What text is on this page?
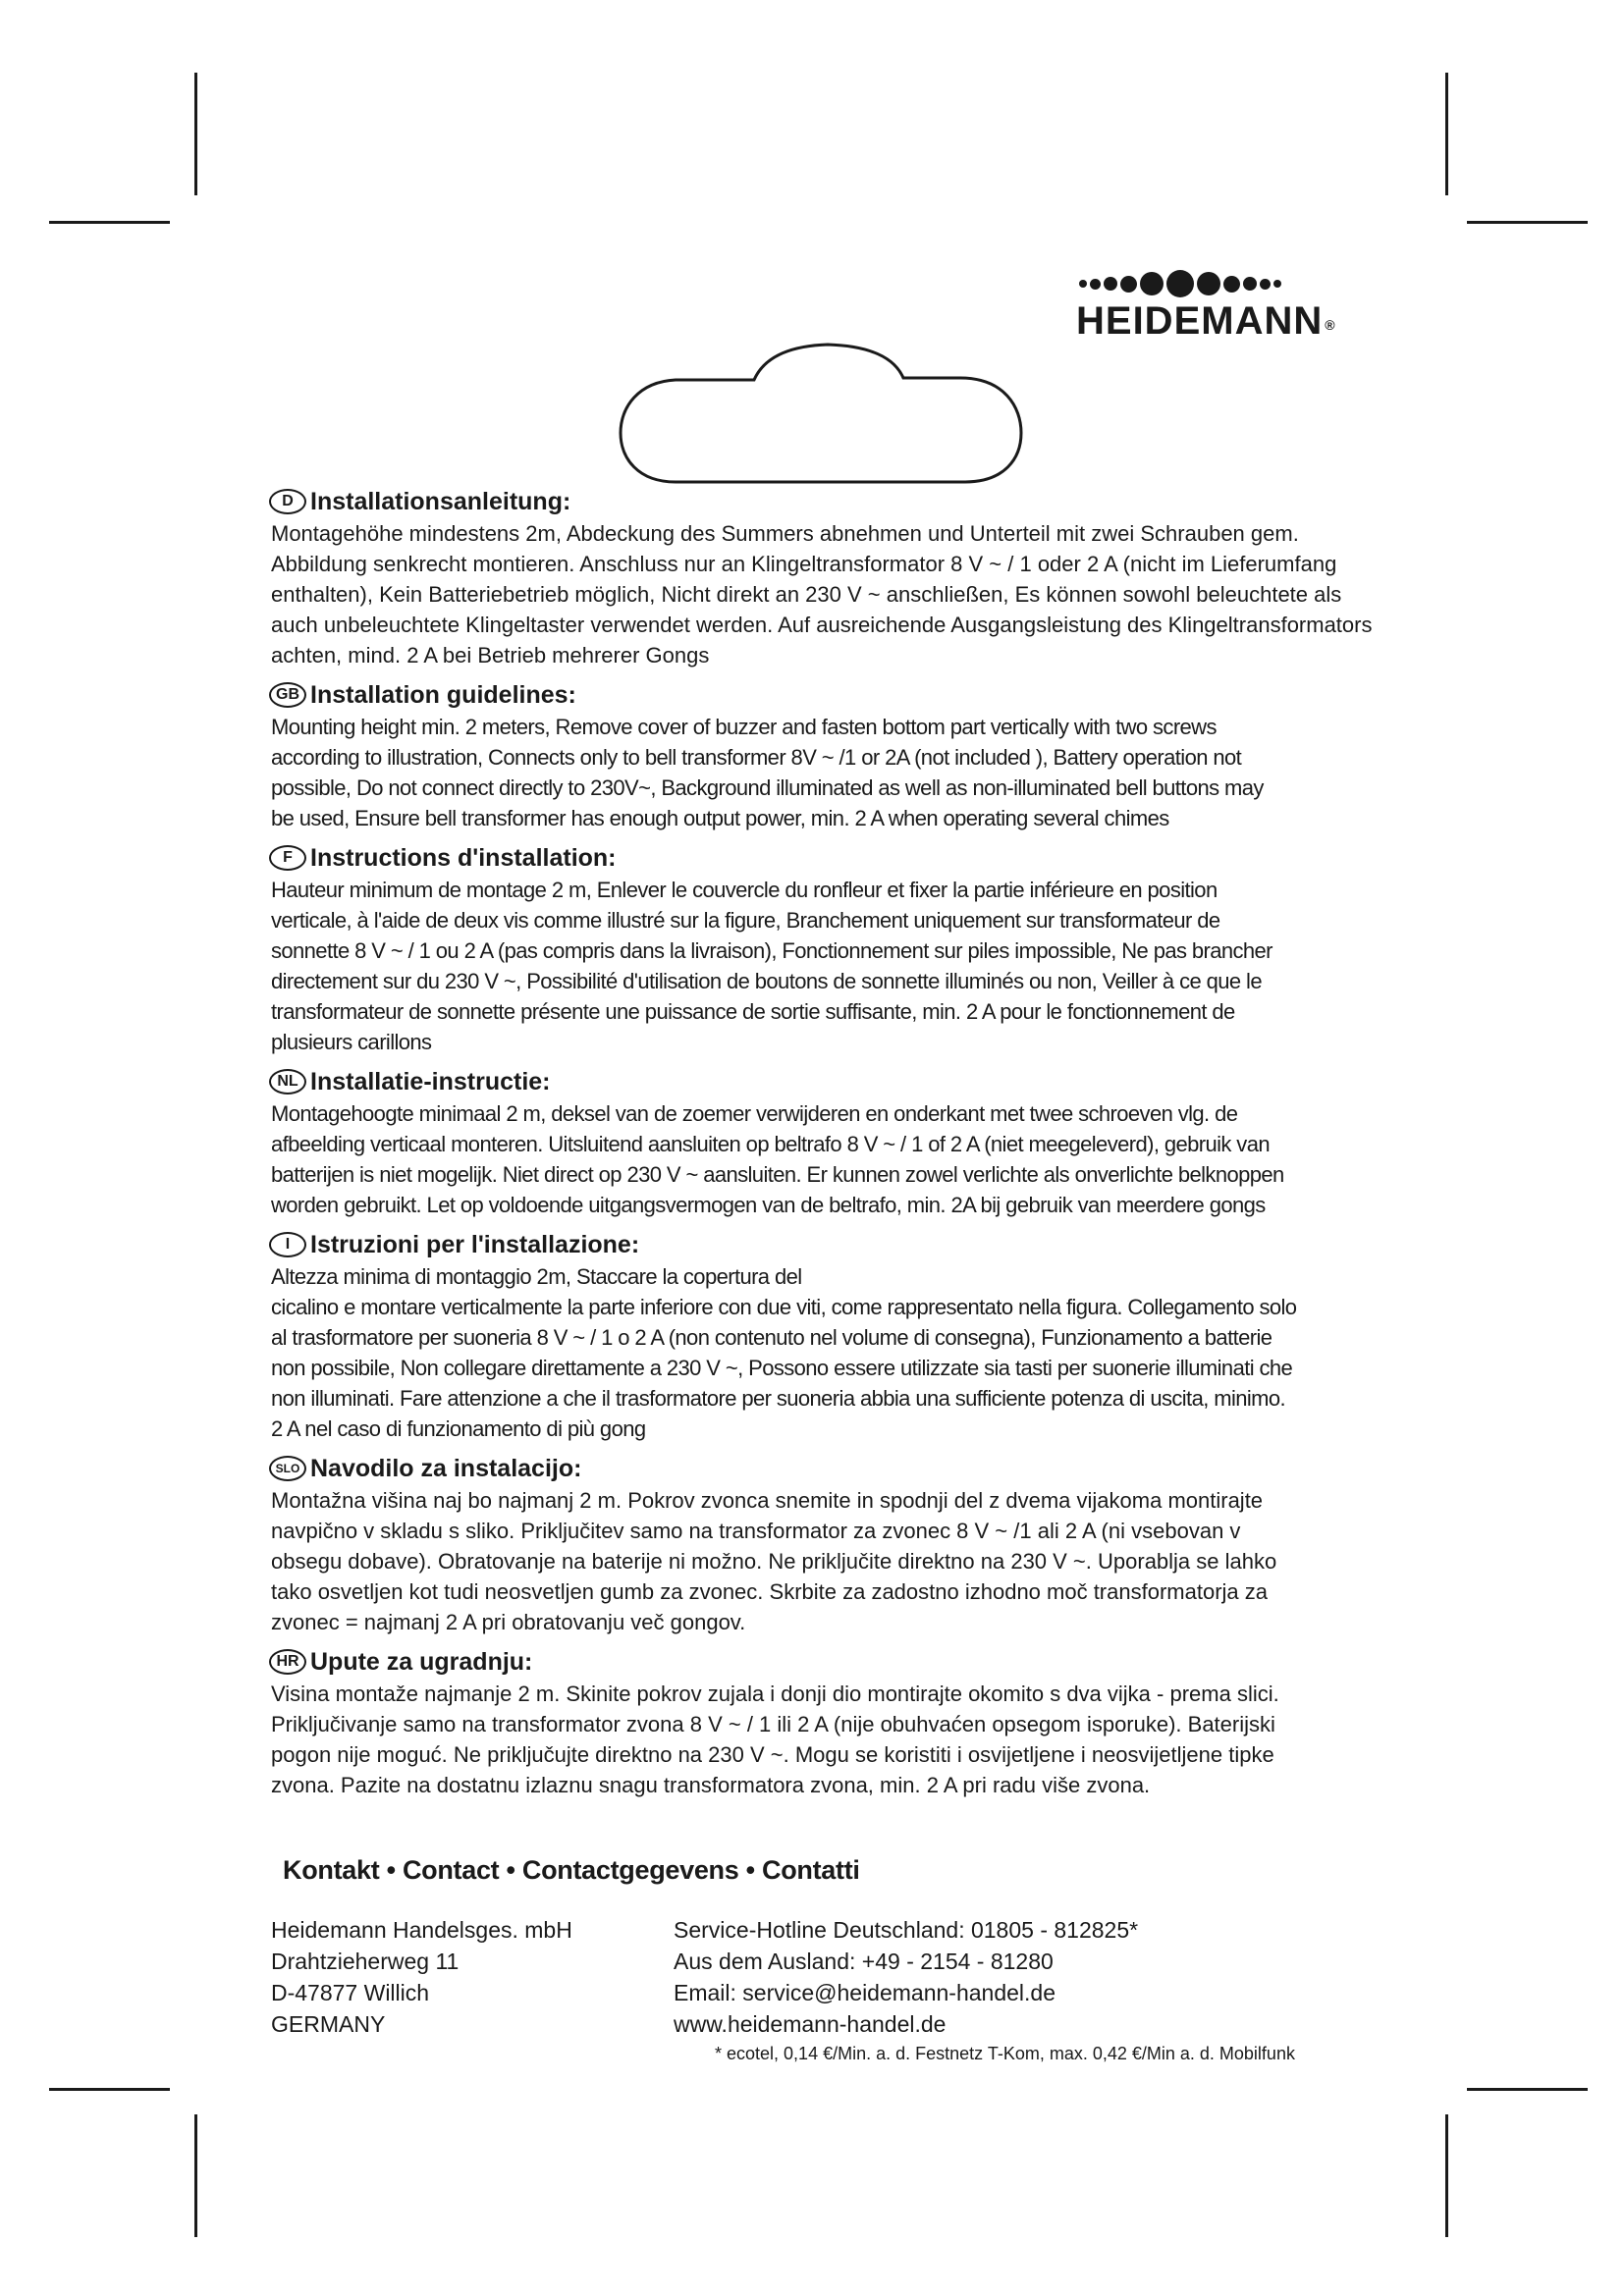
HEIDEMANN ®
D Installationsanleitung:

Montagehöhe mindestens 2m, Abdeckung des Summers abnehmen und Unterteil mit zwei Schrauben gem.
Abbildung senkrecht montieren. Anschluss nur an Klingeltransformator 8 V ~ / 1 oder 2 A (nicht im Lieferumfang
enthalten), Kein Batteriebetrieb möglich, Nicht direkt an 230 V ~ anschließen, Es können sowohl beleuchtete als
auch unbeleuchtete Klingeltaster verwendet werden. Auf ausreichende Ausgangsleistung des Klingeltransformators
achten, mind. 2 A bei Betrieb mehrerer Gongs

GB Installation guidelines:

Mounting height min. 2 meters, Remove cover of buzzer and fasten bottom part vertically with two screws
according to illustration, Connects only to bell transformer 8V ~ /1 or 2A (not included ), Battery operation not
possible, Do not connect directly to 230V~, Background illuminated as well as non-illuminated bell buttons may
be used, Ensure bell transformer has enough output power, min. 2 A when operating several chimes

F Instructions d'installation:

Hauteur minimum de montage 2 m, Enlever le couvercle du ronfleur et fixer la partie inférieure en position
verticale, à l'aide de deux vis comme illustré sur la figure, Branchement uniquement sur transformateur de
sonnette 8 V ~ / 1 ou 2 A (pas compris dans la livraison), Fonctionnement sur piles impossible, Ne pas brancher
directement sur du 230 V ~, Possibilité d'utilisation de boutons de sonnette illuminés ou non, Veiller à ce que le
transformateur de sonnette présente une puissance de sortie suffisante, min. 2 A pour le fonctionnement de
plusieurs carillons

NL Installatie-instructie:

Montagehoogte minimaal 2 m, deksel van de zoemer verwijderen en onderkant met twee schroeven vlg. de
afbeelding verticaal monteren. Uitsluitend aansluiten op beltrafo 8 V ~ / 1 of 2 A (niet meegeleverd), gebruik van
batterijen is niet mogelijk. Niet direct op 230 V ~ aansluiten. Er kunnen zowel verlichte als onverlichte belknoppen
worden gebruikt. Let op voldoende uitgangsvermogen van de beltrafo, min. 2A bij gebruik van meerdere gongs

I Istruzioni per l'installazione:

Altezza minima di montaggio 2m, Staccare la copertura del
cicalino e montare verticalmente la parte inferiore con due viti, come rappresentato nella figura. Collegamento solo
al trasformatore per suoneria 8 V ~ / 1 o 2 A (non contenuto nel volume di consegna), Funzionamento a batterie
non possibile, Non collegare direttamente a 230 V ~, Possono essere utilizzate sia tasti per suonerie illuminati che
non illuminati. Fare attenzione a che il trasformatore per suoneria abbia una sufficiente potenza di uscita, minimo.
2 A nel caso di funzionamento di più gong

SLO Navodilo za instalacijo:

Montažna višina naj bo najmanj 2 m. Pokrov zvonca snemite in spodnji del z dvema vijakoma montirajte
navpično v skladu s sliko. Priključitev samo na transformator za zvonec 8 V ~ /1 ali 2 A (ni vsebovan v
obsegu dobave). Obratovanje na baterije ni možno. Ne priključite direktno na 230 V ~. Uporablja se lahko
tako osvetljen kot tudi neosvetljen gumb za zvonec. Skrbite za zadostno izhodno moč transformatorja za
zvonec = najmanj 2 A pri obratovanju več gongov.

HR Upute za ugradnju:

Visina montaže najmanje 2 m. Skinite pokrov zujala i donji dio montirajte okomito s dva vijka - prema slici.
Priključivanje samo na transformator zvona 8 V ~ / 1 ili 2 A (nije obuhvaćen opsegom isporuke). Baterijski
pogon nije moguć. Ne priključujte direktno na 230 V ~. Mogu se koristiti i osvijetljene i neosvijetljene tipke
zvona. Pazite na dostatnu izlaznu snagu transformatora zvona, min. 2 A pri radu više zvona.

Kontakt • Contact • Contactgegevens • Contatti
Heidemann Handelsges. mbH
Drahtzieherweg 11
D-47877 Willich
GERMANY
Service-Hotline Deutschland: 01805 - 812825*
Aus dem Ausland: +49 - 2154 - 81280
Email: service@heidemann-handel.de
www.heidemann-handel.de
* ecotel, 0,14 €/Min. a. d. Festnetz T-Kom, max. 0,42 €/Min a. d. Mobilfunk
